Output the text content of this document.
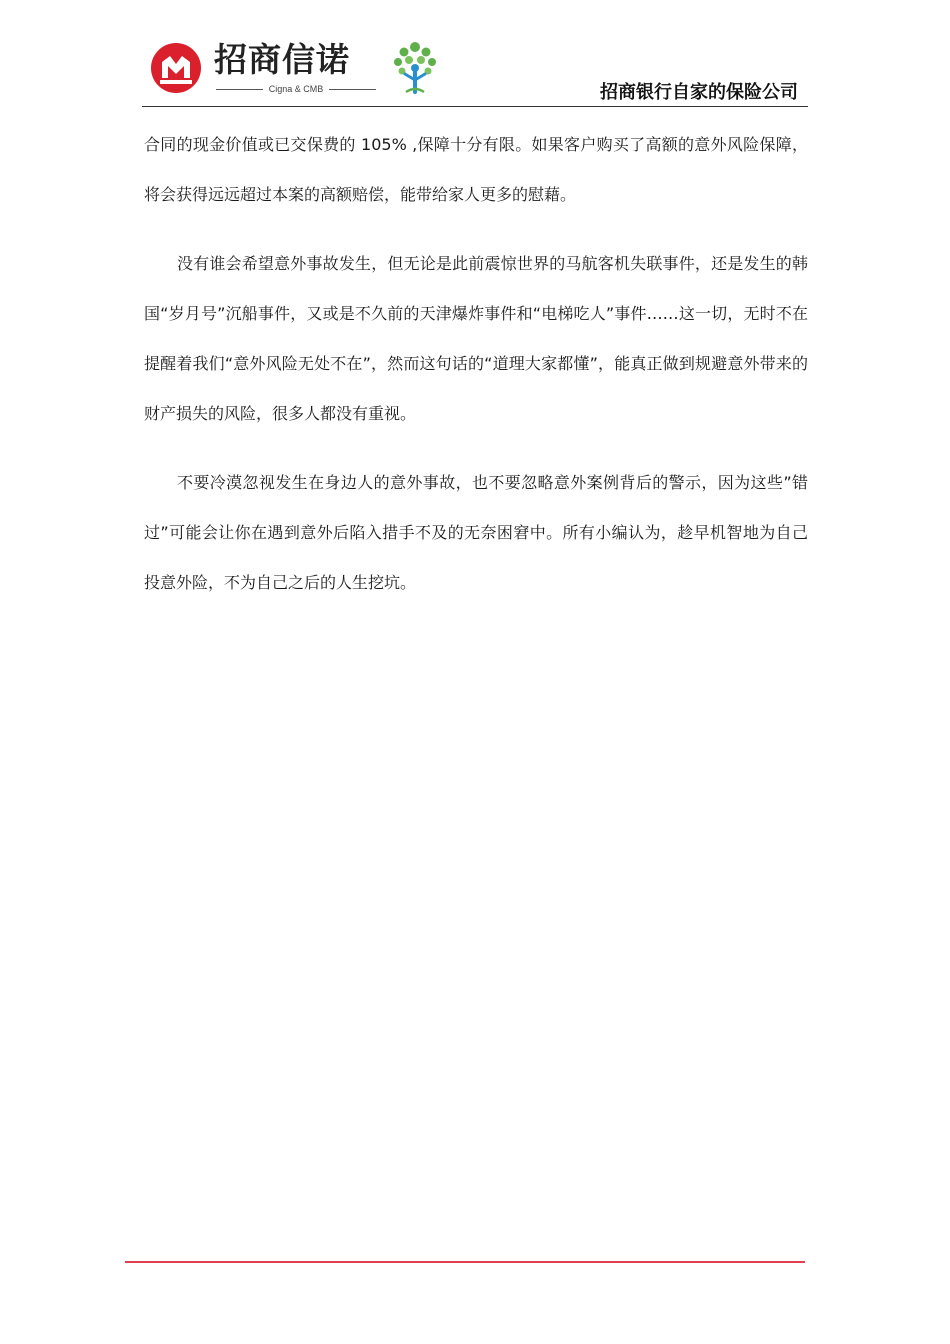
招商信诺
Cigna & CMB	招商银行自家的保险公司

合同的现金价值或已交保费的 105% ,保障十分有限。如果客户购买了高额的意外风险保障，将会获得远远超过本案的高额赔偿，能带给家人更多的慰藉。

没有谁会希望意外事故发生，但无论是此前震惊世界的马航客机失联事件，还是发生的韩国“岁月号”沉船事件，又或是不久前的天津爆炸事件和“电梯吃人”事件……这一切，无时不在提醒着我们“意外风险无处不在”，然而这句话的“道理大家都懂”，能真正做到规避意外带来的财产损失的风险，很多人都没有重视。

不要冷漠忽视发生在身边人的意外事故，也不要忽略意外案例背后的警示，因为这些”错过”可能会让你在遇到意外后陷入措手不及的无奈困窘中。所有小编认为，趁早机智地为自己投意外险，不为自己之后的人生挖坑。
